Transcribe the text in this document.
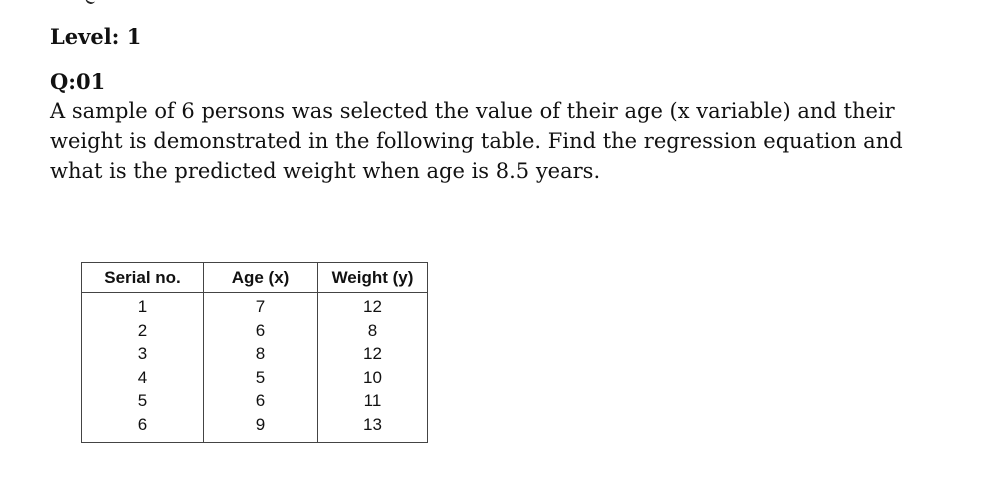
Level: 1
Q:01
A sample of 6 persons was selected the value of their age (x variable) and their weight is demonstrated in the following table. Find the regression equation and what is the predicted weight when age is 8.5 years.
Serial no.	Age (x)	Weight (y)
1	7	12
2	6	8
3	8	12
4	5	10
5	6	11
6	9	13
